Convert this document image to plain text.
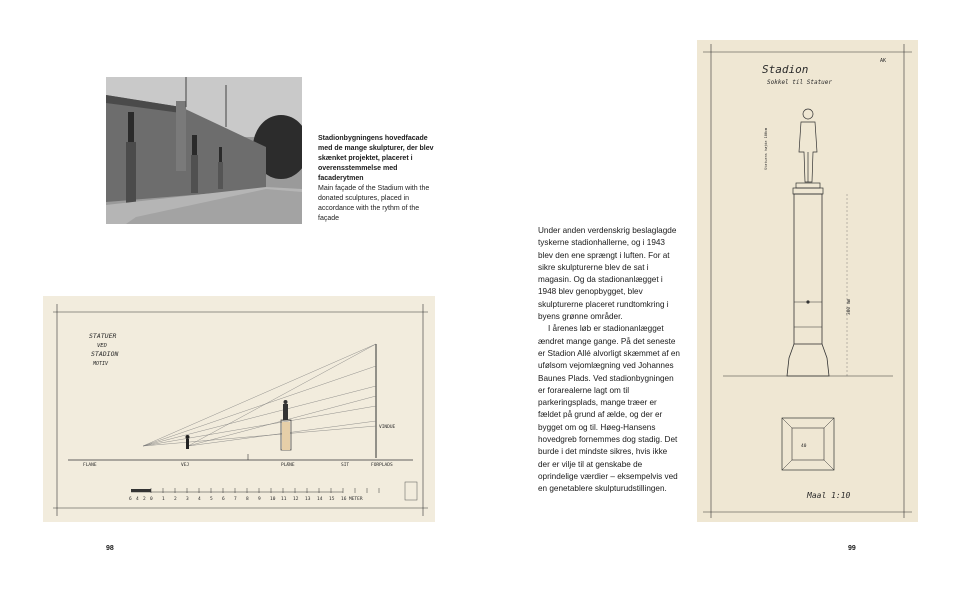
Stadionbygningens hovedfacade med de mange skulpturer, der blev skænket projektet, placeret i overensstemmelse med facaderytmen
Main façade of the Stadium with the donated sculptures, placed in accordance with the rythm of the façade
STATUER
VED
STADION
MOTIV
VINDUE
FLANE	VEJ	PLÆNE	SIT	FORPLADS
6 4 2 0 1 2 3 4 5 6 7 8 9 10 11 12 13 14 15 16 METER

Under anden verdenskrig beslaglagde tyskerne stadionhallerne, og i 1943 blev den ene sprængt i luften. For at sikre skulpturerne blev de sat i magasin. Og da stadionanlægget i 1948 blev genopbygget, blev skulpturerne placeret rundtomkring i byens grønne områder.

I årenes løb er stadionanlægget ændret mange gange. På det seneste er Stadion Allé alvorligt skæmmet af en ufølsom vejomlægning ved Johannes Baunes Plads. Ved stadionbygningen er forarealerne lagt om til parkeringsplads, mange træer er fældet på grund af ælde, og der er bygget om og til. Høeg-Hansens hovedgreb fornemmes dog stadig. Det burde i det mindste sikres, hvis ikke der er vilje til at genskabe de oprindelige værdier – eksempelvis ved en genetablere skulpturudstillingen.

Stadion
Sokkel til Statuer
AK
Statuens højde 180cm
300 mm
40
Maal 1:10
98	99
